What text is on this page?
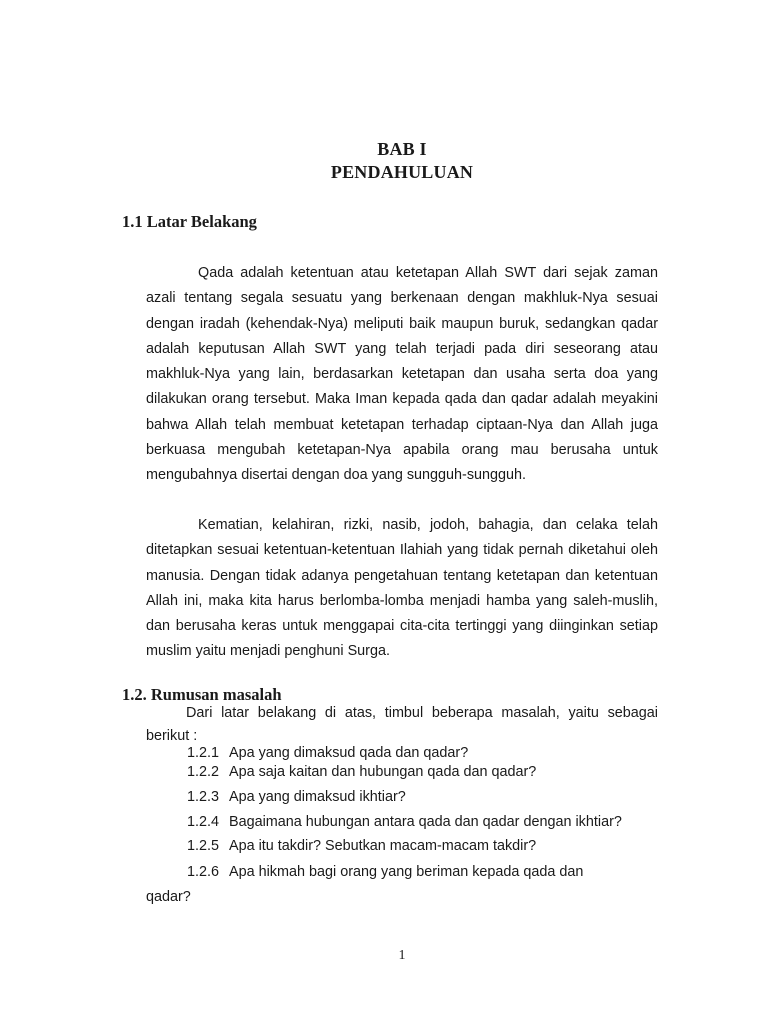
BAB I
PENDAHULUAN
1.1 Latar Belakang

Qada adalah ketentuan atau ketetapan Allah SWT dari sejak zaman azali tentang segala sesuatu yang berkenaan dengan makhluk-Nya sesuai dengan iradah (kehendak-Nya) meliputi baik maupun buruk, sedangkan qadar adalah keputusan Allah SWT yang telah terjadi pada diri seseorang atau makhluk-Nya yang lain, berdasarkan ketetapan dan usaha serta doa yang dilakukan orang tersebut. Maka Iman kepada qada dan qadar adalah meyakini bahwa Allah telah membuat ketetapan terhadap ciptaan-Nya dan Allah juga berkuasa mengubah ketetapan-Nya apabila orang mau berusaha untuk mengubahnya disertai dengan doa yang sungguh-sungguh.

Kematian, kelahiran, rizki, nasib, jodoh, bahagia, dan celaka telah ditetapkan sesuai ketentuan-ketentuan Ilahiah yang tidak pernah diketahui oleh manusia. Dengan tidak adanya pengetahuan tentang ketetapan dan ketentuan Allah ini, maka kita harus berlomba-lomba menjadi hamba yang saleh-muslih, dan berusaha keras untuk menggapai cita-cita tertinggi yang diinginkan setiap muslim yaitu menjadi penghuni Surga.

1.2. Rumusan masalah

Dari latar belakang di atas, timbul beberapa masalah, yaitu sebagai berikut :

1.2.1 Apa yang dimaksud qada dan qadar?
1.2.2 Apa saja kaitan dan hubungan qada dan qadar?
1.2.3 Apa yang dimaksud ikhtiar?
1.2.4 Bagaimana hubungan antara qada dan qadar dengan ikhtiar?
1.2.5 Apa itu takdir? Sebutkan macam-macam takdir?
1.2.6 Apa hikmah bagi orang yang beriman kepada qada dan
qadar?
1
